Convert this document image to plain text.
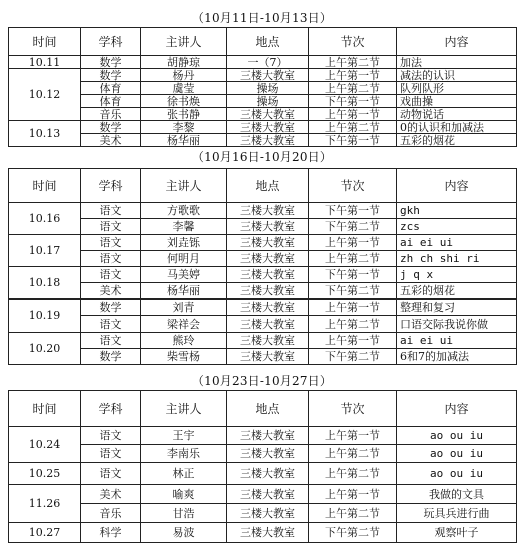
（10月11日-10月13日）
时间	学科	主讲人	地点	节次	内容
10.11	数学	胡静琼	一（7）	上午第二节	加法
10.12	数学	杨丹	三楼大教室	上午第一节	减法的认识
	体育	虞莹	操场	上午第二节	队列队形
	体育	徐书焕	操场	下午第一节	戏曲操
	音乐	张书静	三楼大教室	上午第一节	动物说话
10.13	数学	李黎	三楼大教室	上午第二节	0的认识和加减法
	美术	杨华丽	三楼大教室	下午第一节	五彩的烟花
（10月16日-10月20日）
时间	学科	主讲人	地点	节次	内容
10.16	语文	方歌歌	三楼大教室	下午第一节	gkh
	语文	李馨	三楼大教室	下午第二节	zcs
10.17	语文	刘垚铄	三楼大教室	上午第一节	ai ei ui
	语文	何明月	三楼大教室	上午第二节	zh ch shi ri
10.18	语文	马美婷	三楼大教室	下午第一节	j q x
	美术	杨华丽	三楼大教室	下午第二节	五彩的烟花
10.19	数学	刘青	三楼大教室	上午第一节	整理和复习
	语文	梁祥会	三楼大教室	上午第二节	口语交际我说你做
10.20	语文	熊玲	三楼大教室	上午第一节	ai ei ui
	数学	柴雪杨	三楼大教室	下午第二节	6和7的加减法
（10月23日-10月27日）
时间	学科	主讲人	地点	节次	内容
10.24	语文	王宇	三楼大教室	上午第一节	ao ou iu
	语文	李南乐	三楼大教室	上午第二节	ao ou iu
10.25	语文	林正	三楼大教室	上午第二节	ao ou iu
11.26	美术	喻爽	三楼大教室	上午第一节	我做的文具
	音乐	甘浩	三楼大教室	上午第二节	玩具兵进行曲
10.27	科学	易波	三楼大教室	下午第二节	观察叶子
